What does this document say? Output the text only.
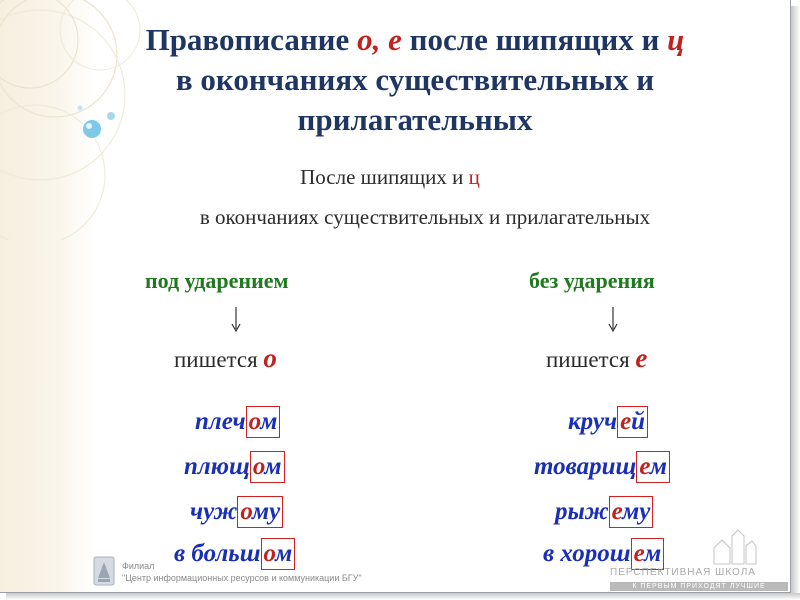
Правописание о, е после шипящих и ц
в окончаниях существительных и
прилагательных
После шипящих и ц
в окончаниях существительных и прилагательных
под ударением
пишется о
плеч ом
плющ ом
чуж ому
в больш ом
без ударения
пишется е
круч ей
товарищ ем
рыж ему
в хорош ем
Филиал
"Центр информационных ресурсов и коммуникации БГУ"	ПЕРСПЕКТИВНАЯ ШКОЛА
К ПЕРВЫМ ПРИХОДЯТ ЛУЧШИЕ
